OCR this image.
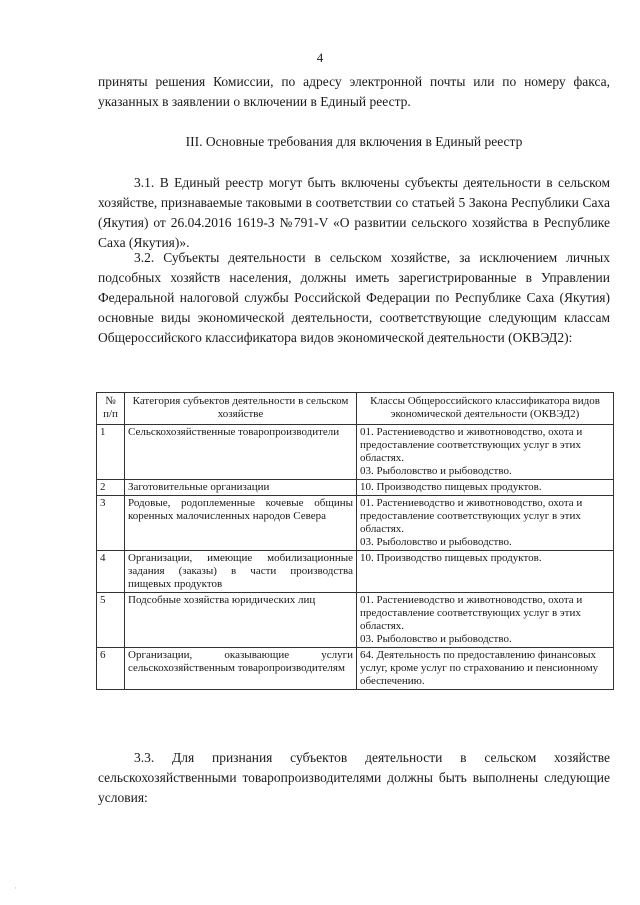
4
приняты решения Комиссии, по адресу электронной почты или по номеру факса, указанных в заявлении о включении в Единый реестр.
III. Основные требования для включения в Единый реестр
3.1. В Единый реестр могут быть включены субъекты деятельности в сельском хозяйстве, признаваемые таковыми в соответствии со статьей 5 Закона Республики Саха (Якутия) от 26.04.2016 1619-З №791-V «О развитии сельского хозяйства в Республике Саха (Якутия)».
3.2. Субъекты деятельности в сельском хозяйстве, за исключением личных подсобных хозяйств населения, должны иметь зарегистрированные в Управлении Федеральной налоговой службы Российской Федерации по Республике Саха (Якутия) основные виды экономической деятельности, соответствующие следующим классам Общероссийского классификатора видов экономической деятельности (ОКВЭД2):
№ п/п	Категория субъектов деятельности в сельском хозяйстве	Классы Общероссийского классификатора видов экономической деятельности (ОКВЭД2)
1	Сельскохозяйственные товаропроизводители	01. Растениеводство и животноводство, охота и предоставление соответствующих услуг в этих областях.
03. Рыболовство и рыбоводство.

2	Заготовительные организации	10. Производство пищевых продуктов.

3	Родовые, родоплеменные кочевые общины коренных малочисленных народов Севера	01. Растениеводство и животноводство, охота и предоставление соответствующих услуг в этих областях.
03. Рыболовство и рыбоводство.

4	Организации, имеющие мобилизационные задания (заказы) в части производства пищевых продуктов	10. Производство пищевых продуктов.

5	Подсобные хозяйства юридических лиц	01. Растениеводство и животноводство, охота и предоставление соответствующих услуг в этих областях.
03. Рыболовство и рыбоводство.

6	Организации, оказывающие услуги сельскохозяйственным товаропроизводителям	64. Деятельность по предоставлению финансовых услуг, кроме услуг по страхованию и пенсионному обеспечению.
3.3. Для признания субъектов деятельности в сельском хозяйстве сельскохозяйственными товаропроизводителями должны быть выполнены следующие условия:
·
